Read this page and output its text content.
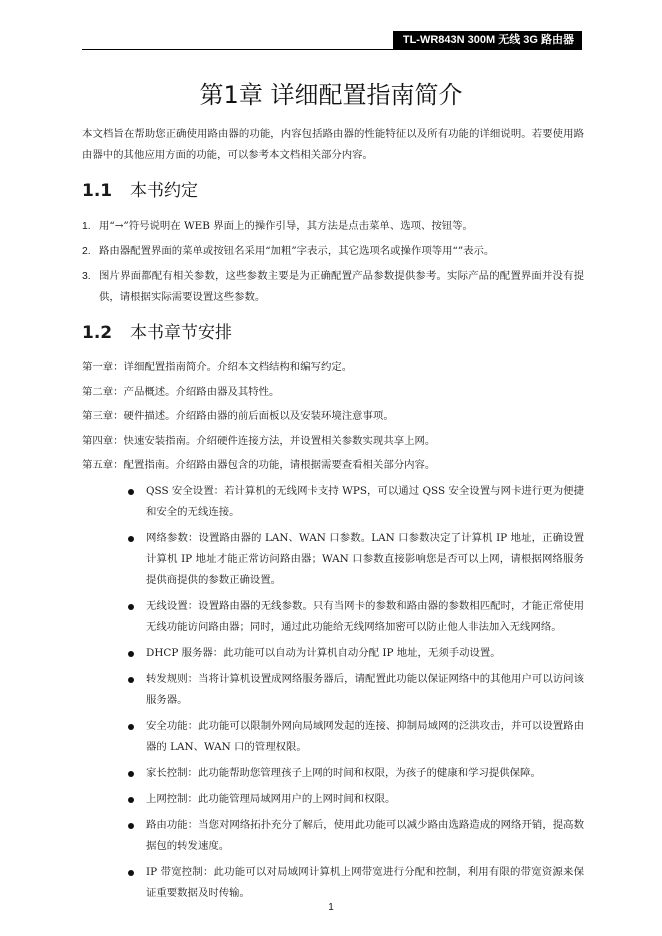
TL-WR843N 300M 无线 3G 路由器
第1章 详细配置指南简介
本文档旨在帮助您正确使用路由器的功能，内容包括路由器的性能特征以及所有功能的详细说明。若要使用路由器中的其他应用方面的功能，可以参考本文档相关部分内容。
1.1 本书约定
1. 用“→”符号说明在 WEB 界面上的操作引导，其方法是点击菜单、选项、按钮等。
2. 路由器配置界面的菜单或按钮名采用“加粗”字表示，其它选项名或操作项等用“”表示。
3. 图片界面都配有相关参数，这些参数主要是为正确配置产品参数提供参考。实际产品的配置界面并没有提供，请根据实际需要设置这些参数。
1.2 本书章节安排
第一章：详细配置指南简介。介绍本文档结构和编写约定。
第二章：产品概述。介绍路由器及其特性。
第三章：硬件描述。介绍路由器的前后面板以及安装环境注意事项。
第四章：快速安装指南。介绍硬件连接方法，并设置相关参数实现共享上网。
第五章：配置指南。介绍路由器包含的功能，请根据需要查看相关部分内容。
QSS 安全设置：若计算机的无线网卡支持 WPS，可以通过 QSS 安全设置与网卡进行更为便捷和安全的无线连接。
网络参数：设置路由器的 LAN、WAN 口参数。LAN 口参数决定了计算机 IP 地址，正确设置计算机 IP 地址才能正常访问路由器；WAN 口参数直接影响您是否可以上网，请根据网络服务提供商提供的参数正确设置。
无线设置：设置路由器的无线参数。只有当网卡的参数和路由器的参数相匹配时，才能正常使用无线功能访问路由器；同时，通过此功能给无线网络加密可以防止他人非法加入无线网络。
DHCP 服务器：此功能可以自动为计算机自动分配 IP 地址，无须手动设置。
转发规则：当将计算机设置成网络服务器后，请配置此功能以保证网络中的其他用户可以访问该服务器。
安全功能：此功能可以限制外网向局域网发起的连接、抑制局域网的泛洪攻击，并可以设置路由器的 LAN、WAN 口的管理权限。
家长控制：此功能帮助您管理孩子上网的时间和权限，为孩子的健康和学习提供保障。
上网控制：此功能管理局域网用户的上网时间和权限。
路由功能：当您对网络拓扑充分了解后，使用此功能可以减少路由选路造成的网络开销，提高数据包的转发速度。
IP 带宽控制：此功能可以对局域网计算机上网带宽进行分配和控制，利用有限的带宽资源来保证重要数据及时传输。
1
